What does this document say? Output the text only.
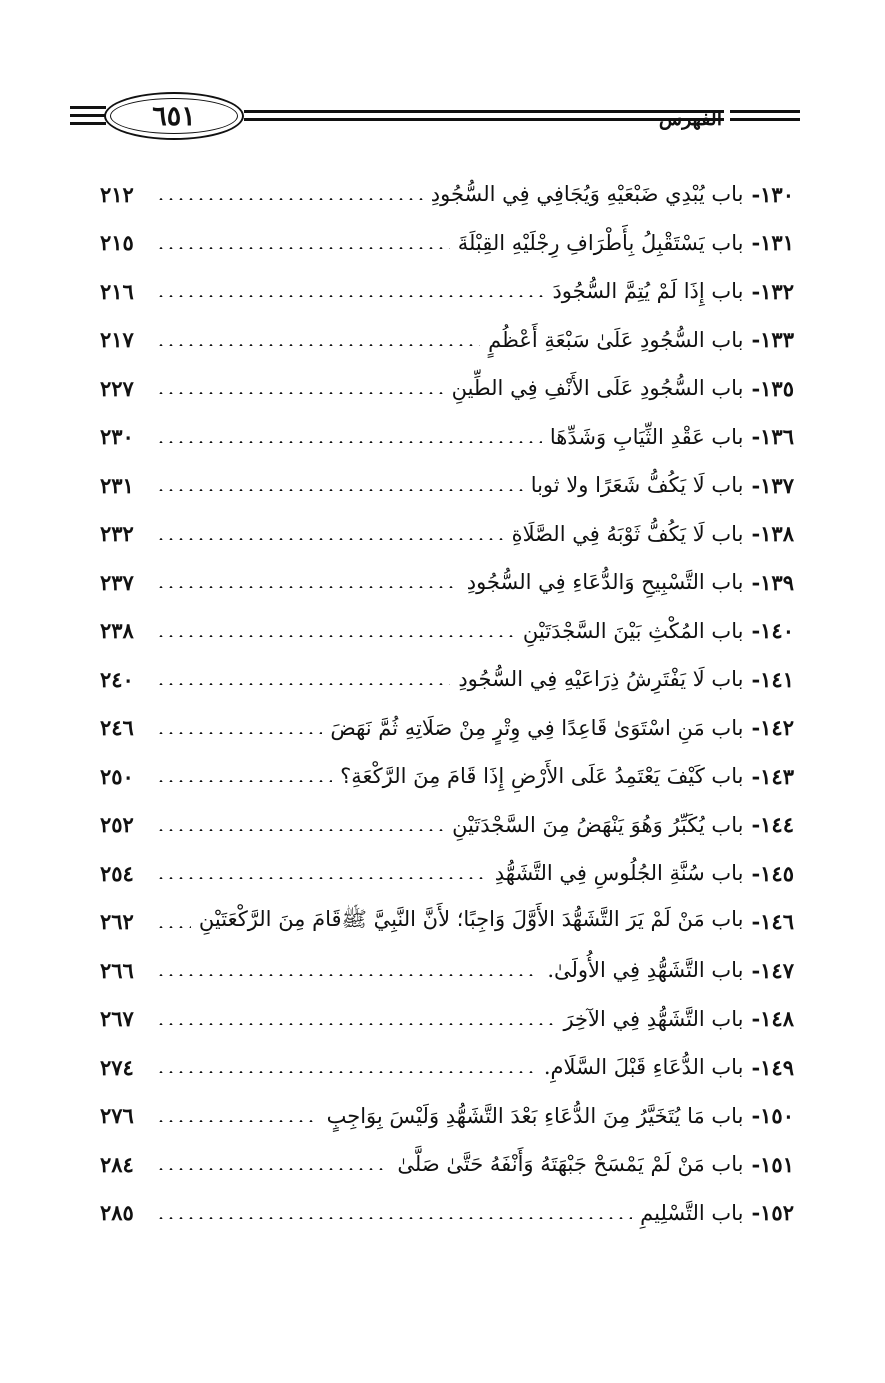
٦٥١	الفهرس
١٣٠-
باب يُبْدِي ضَبْعَيْهِ وَيُجَافِي فِي السُّجُودِ
٢١٢
١٣١-
باب يَسْتَقْبِلُ بِأَطْرَافِ رِجْلَيْهِ القِبْلَةَ
٢١٥
١٣٢-
باب إِذَا لَمْ يُتِمَّ السُّجُودَ
٢١٦
١٣٣-
باب السُّجُودِ عَلَىٰ سَبْعَةِ أَعْظُمٍ
٢١٧
١٣٥-
باب السُّجُودِ عَلَى الأَنْفِ فِي الطِّينِ
٢٢٧
١٣٦-
باب عَقْدِ الثِّيَابِ وَشَدِّهَا
٢٣٠
١٣٧-
باب لَا يَكُفُّ شَعَرًا ولا ثوبا
٢٣١
١٣٨-
باب لَا يَكُفُّ ثَوْبَهُ فِي الصَّلَاةِ
٢٣٢
١٣٩-
باب التَّسْبِيحِ وَالدُّعَاءِ فِي السُّجُودِ
٢٣٧
١٤٠-
باب المُكْثِ بَيْنَ السَّجْدَتَيْنِ
٢٣٨
١٤١-
باب لَا يَفْتَرِشُ ذِرَاعَيْهِ فِي السُّجُودِ
٢٤٠
١٤٢-
باب مَنِ اسْتَوَىٰ قَاعِدًا فِي وِتْرٍ مِنْ صَلَاتِهِ ثُمَّ نَهَضَ
٢٤٦
١٤٣-
باب كَيْفَ يَعْتَمِدُ عَلَى الأَرْضِ إِذَا قَامَ مِنَ الرَّكْعَةِ؟
٢٥٠
١٤٤-
باب يُكَبِّرُ وَهُوَ يَنْهَضُ مِنَ السَّجْدَتَيْنِ
٢٥٢
١٤٥-
باب سُنَّةِ الجُلُوسِ فِي التَّشَهُّدِ
٢٥٤
١٤٦-
باب مَنْ لَمْ يَرَ التَّشَهُّدَ الأَوَّلَ وَاجِبًا؛ لأَنَّ النَّبِيَّ ﷺقَامَ مِنَ الرَّكْعَتَيْنِ
٢٦٢
١٤٧-
باب التَّشَهُّدِ فِي الأُولَىٰ.
٢٦٦
١٤٨-
باب التَّشَهُّدِ فِي الآخِرَ
٢٦٧
١٤٩-
باب الدُّعَاءِ قَبْلَ السَّلَامِ.
٢٧٤
١٥٠-
باب مَا يُتَخَيَّرُ مِنَ الدُّعَاءِ بَعْدَ التَّشَهُّدِ وَلَيْسَ بِوَاجِبٍ
٢٧٦
١٥١-
باب مَنْ لَمْ يَمْسَحْ جَبْهَتَهُ وَأَنْفَهُ حَتَّىٰ صَلَّىٰ
٢٨٤
١٥٢-
باب التَّسْلِيمِ
٢٨٥
